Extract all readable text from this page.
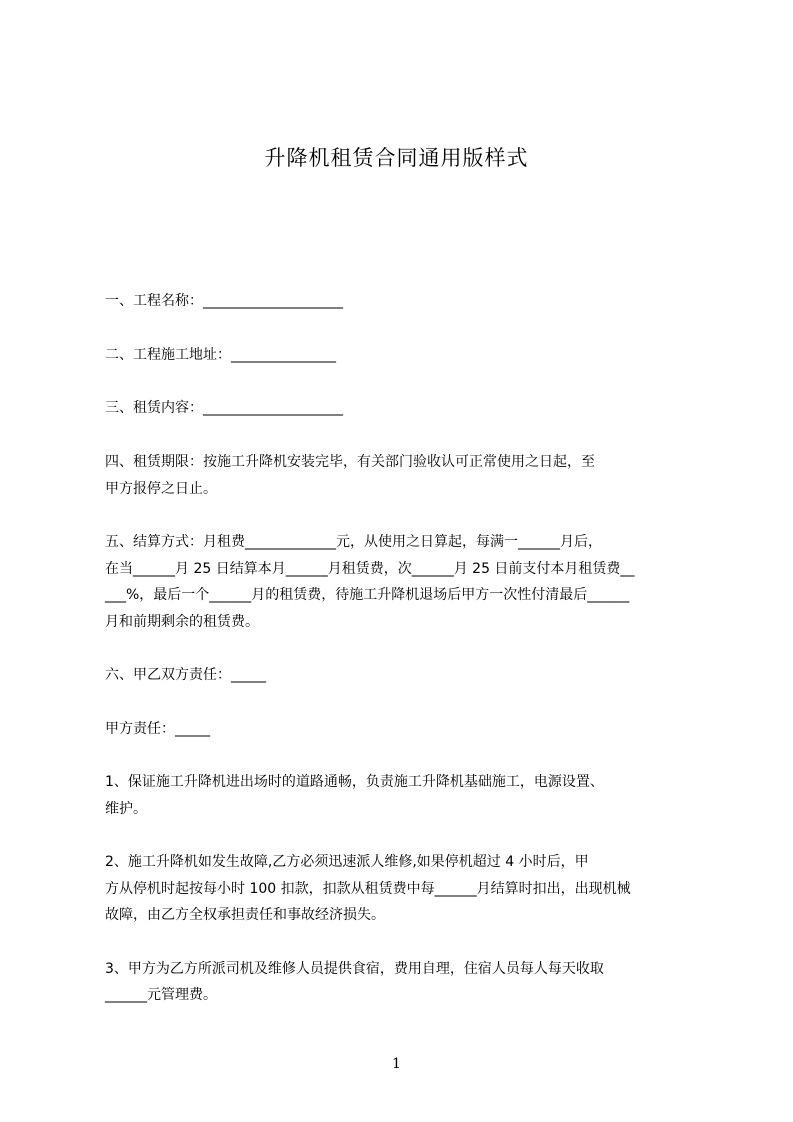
升降机租赁合同通用版样式

一、工程名称：____________________

二、工程施工地址：_______________

三、租赁内容：____________________

四、租赁期限：按施工升降机安装完毕，有关部门验收认可正常使用之日起，至

甲方报停之日止。

五、结算方式：月租费_____________元，从使用之日算起，每满一______月后，

在当______月 25 日结算本月______月租赁费，次______月 25 日前支付本月租赁费__

___%，最后一个______月的租赁费，待施工升降机退场后甲方一次性付清最后______

月和前期剩余的租赁费。

六、甲乙双方责任：_____

甲方责任：_____

1、保证施工升降机进出场时的道路通畅，负责施工升降机基础施工，电源设置、

维护。

2、施工升降机如发生故障,乙方必须迅速派人维修,如果停机超过 4 小时后，甲

方从停机时起按每小时 100 扣款，扣款从租赁费中每______月结算时扣出，出现机械

故障，由乙方全权承担责任和事故经济损失。

3、甲方为乙方所派司机及维修人员提供食宿，费用自理，住宿人员每人每天收取

______元管理费。

1
